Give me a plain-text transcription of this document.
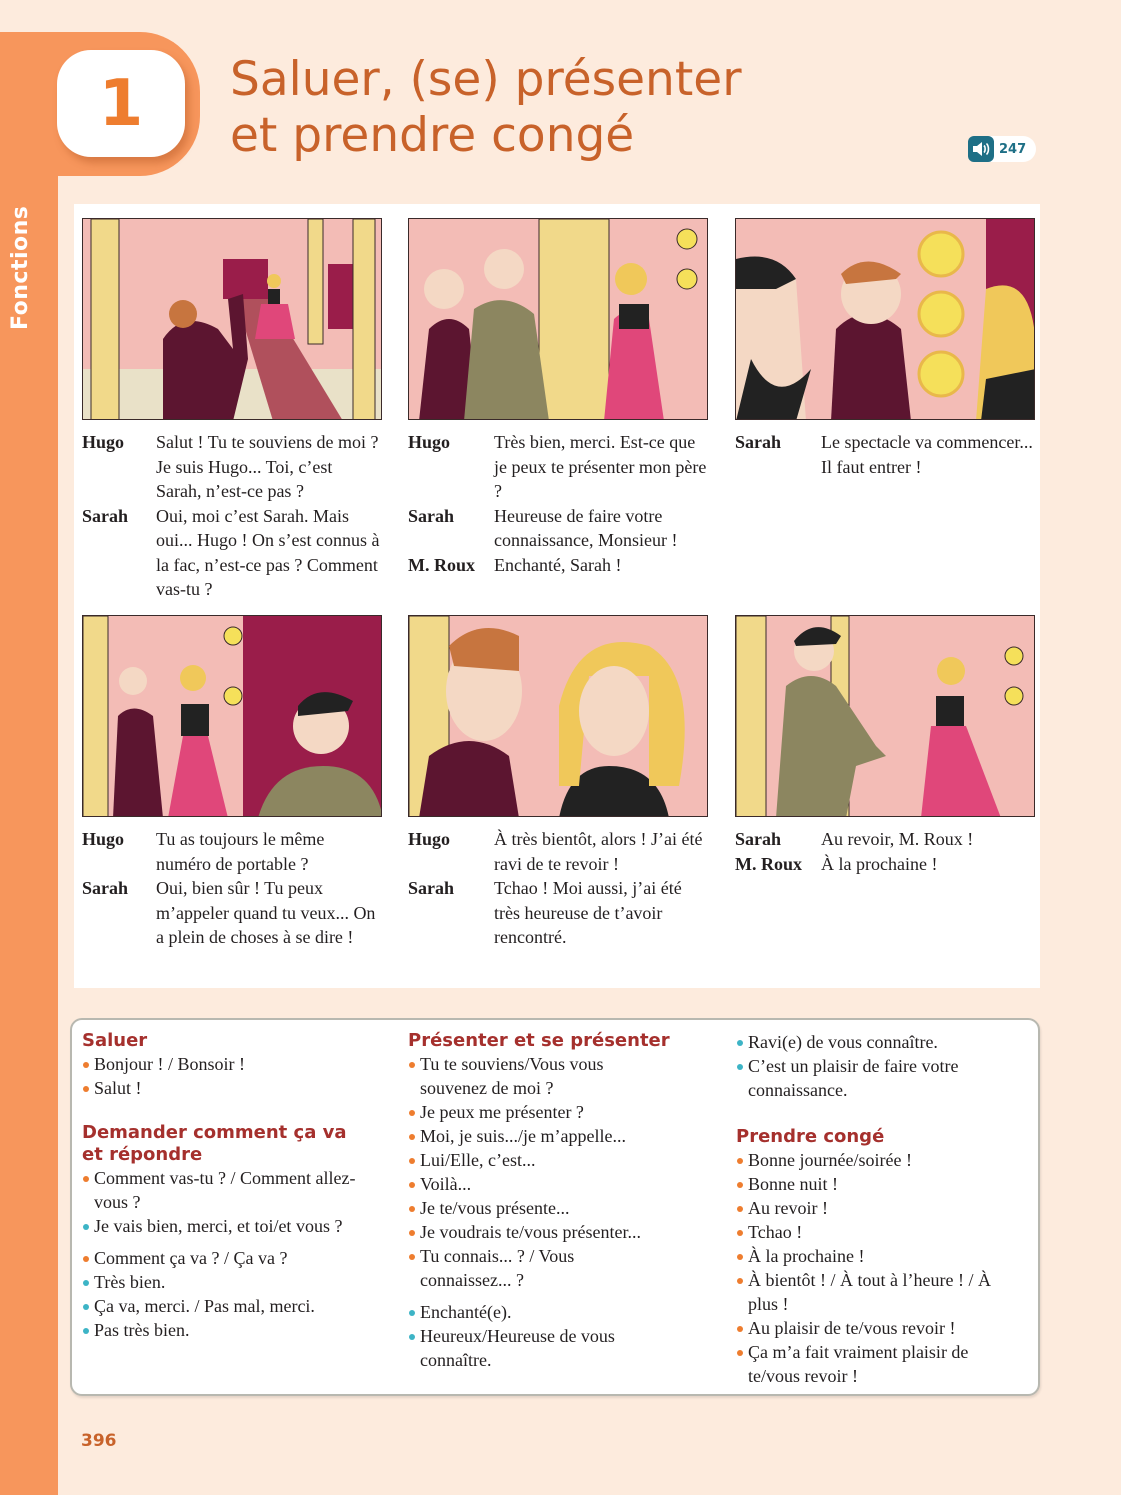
1
Fonctions
Saluer, (se) présenter
et prendre congé	247
Hugo	Salut ! Tu te souviens de moi ? Je suis Hugo... Toi, c’est Sarah, n’est-ce pas ?
Sarah	Oui, moi c’est Sarah. Mais oui... Hugo ! On s’est connus à la fac, n’est-ce pas ? Comment vas-tu ?
Hugo	Très bien, merci. Est-ce que je peux te présenter mon père ?
Sarah	Heureuse de faire votre connaissance, Monsieur !
M. Roux	Enchanté, Sarah !
Sarah	Le spectacle va commencer... Il faut entrer !
Hugo	Tu as toujours le même numéro de portable ?
Sarah	Oui, bien sûr ! Tu peux m’appeler quand tu veux... On a plein de choses à se dire !
Hugo	À très bientôt, alors ! J’ai été ravi de te revoir !
Sarah	Tchao ! Moi aussi, j’ai été très heureuse de t’avoir rencontré.
Sarah	Au revoir, M. Roux !
M. Roux	À la prochaine !
Saluer
Bonjour ! / Bonsoir !
Salut !
Demander comment ça va et répondre
Comment vas-tu ? / Comment allez-vous ?
Je vais bien, merci, et toi/et vous ?
Comment ça va ? / Ça va ?
Très bien.
Ça va, merci. / Pas mal, merci.
Pas très bien.
Présenter et se présenter
Tu te souviens/Vous vous souvenez de moi ?
Je peux me présenter ?
Moi, je suis.../je m’appelle...
Lui/Elle, c’est...
Voilà...
Je te/vous présente...
Je voudrais te/vous présenter...
Tu connais... ? / Vous connaissez... ?
Enchanté(e).
Heureux/Heureuse de vous connaître.
Ravi(e) de vous connaître.
C’est un plaisir de faire votre connaissance.
Prendre congé
Bonne journée/soirée !
Bonne nuit !
Au revoir !
Tchao !
À la prochaine !
À bientôt ! / À tout à l’heure ! / À plus !
Au plaisir de te/vous revoir !
Ça m’a fait vraiment plaisir de te/vous revoir !
396
